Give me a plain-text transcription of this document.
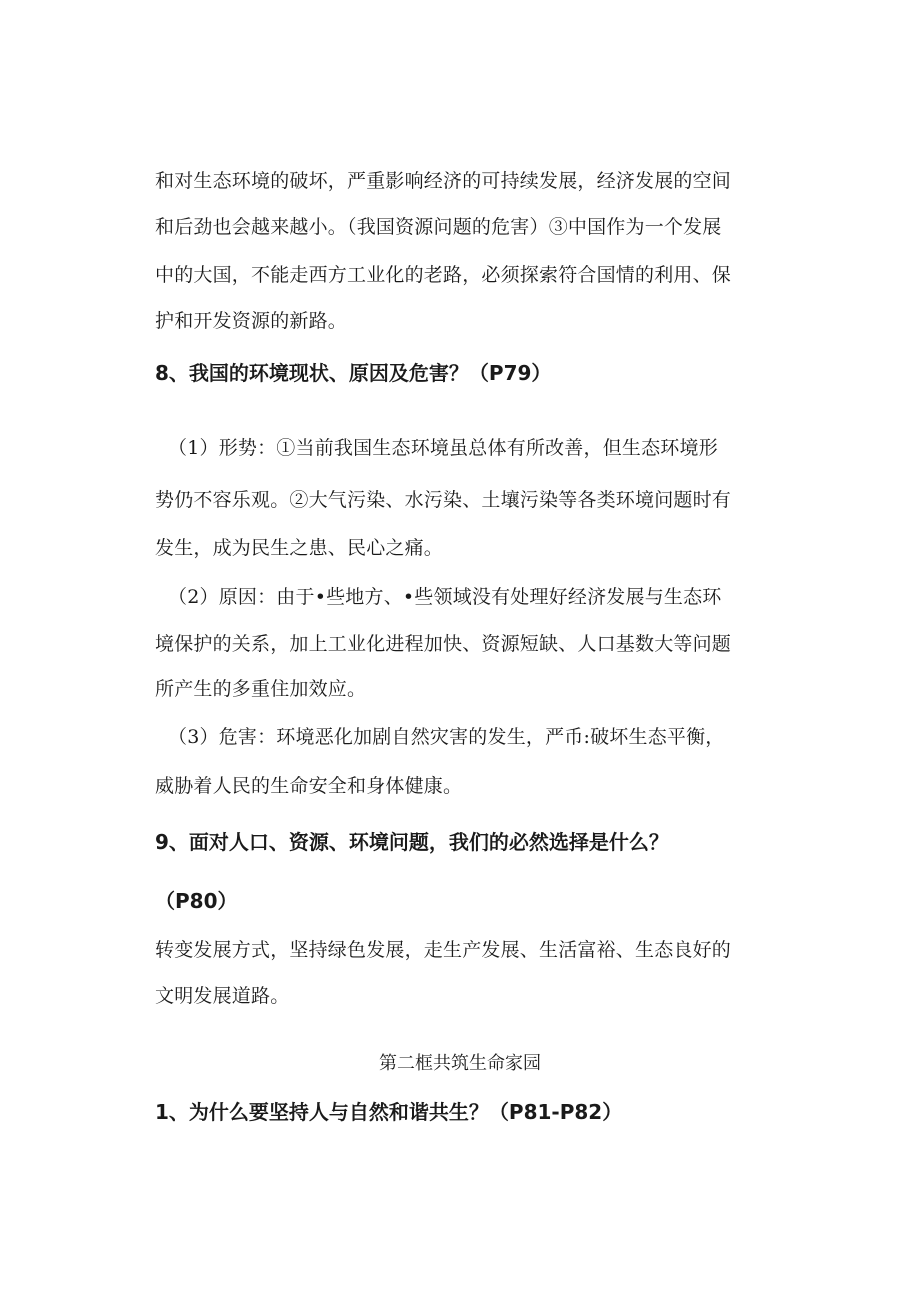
和对生态环境的破坏，严重影响经济的可持续发展，经济发展的空间
和后劲也会越来越小。（我国资源问题的危害）③中国作为一个发展
中的大国，不能走西方工业化的老路，必须探索符合国情的利用、保
护和开发资源的新路。
8、我国的环境现状、原因及危害？（P79）
（1）形势：①当前我国生态环境虽总体有所改善，但生态环境形
势仍不容乐观。②大气污染、水污染、土壤污染等各类环境问题时有
发生，成为民生之患、民心之痛。
（2）原因：由于•些地方、•些领域没有处理好经济发展与生态环
境保护的关系，加上工业化进程加快、资源短缺、人口基数大等问题
所产生的多重住加效应。
（3）危害：环境恶化加剧自然灾害的发生，严币:破坏生态平衡，
威胁着人民的生命安全和身体健康。
9、面对人口、资源、环境问题，我们的必然选择是什么？
（P80）
转变发展方式，坚持绿色发展，走生产发展、生活富裕、生态良好的
文明发展道路。
第二框共筑生命家园
1、为什么要坚持人与自然和谐共生？（P81-P82）
